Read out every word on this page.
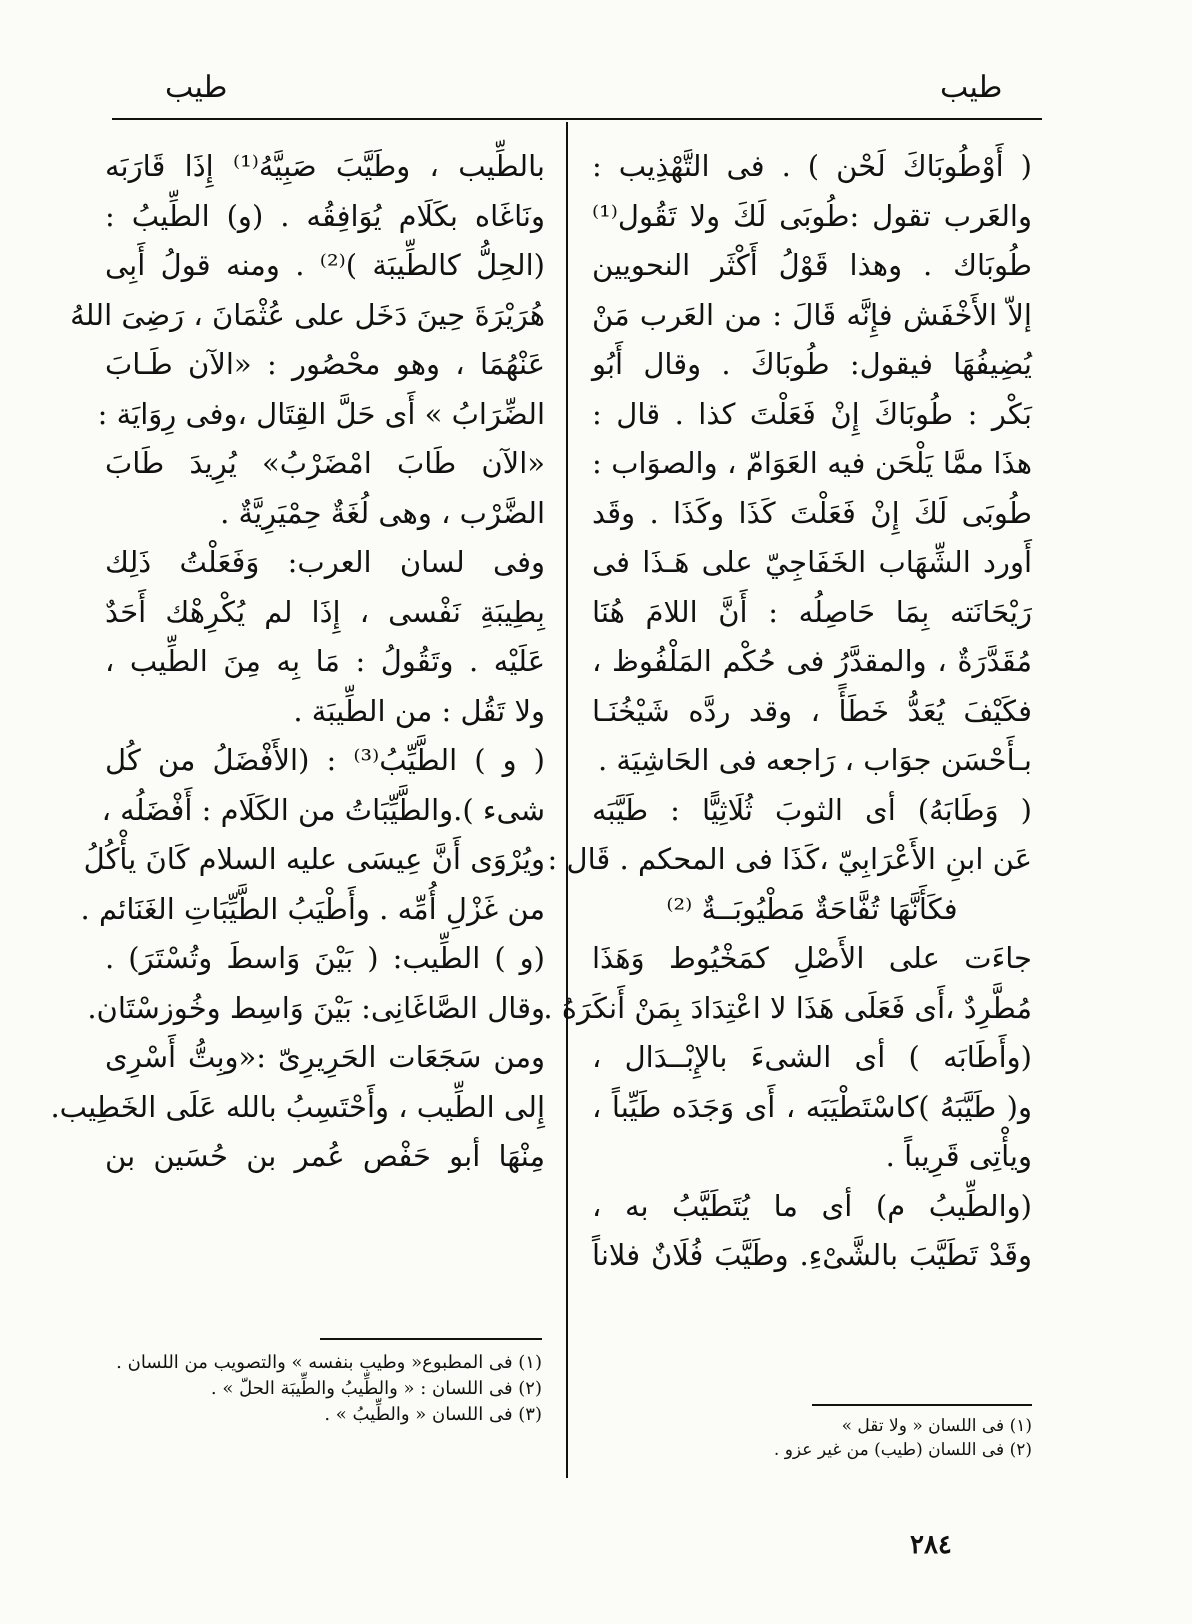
طيب
طيب
( أَوْطُوبَاكَ لَحْن ) . فى التَّهْذِيب :
والعَرب تقول :طُوبَى لَكَ ولا تَقُول⁽¹⁾
طُوبَاك . وهذا قَوْلُ أَكْثَر النحويين
إلاّ الأَخْفَش فإِنَّه قَالَ : من العَرب مَنْ
يُضِيفُهَا فيقول: طُوبَاكَ . وقال أَبُو
بَكْر : طُوبَاكَ إِنْ فَعَلْتَ كذا . قال :
هذَا ممَّا يَلْحَن فيه العَوَامّ ، والصوَاب :
طُوبَى لَكَ إِنْ فَعَلْتَ كَذَا وكَذَا . وقَد
أَورد الشِّهَاب الخَفَاجِيّ على هَـذَا فى
رَيْحَانَته بِمَا حَاصِلُه : أَنَّ اللامَ هُنَا
مُقَدَّرَةٌ ، والمقدَّرُ فى حُكْم المَلْفُوظ ،
فكَيْفَ يُعَدُّ خَطَأً ، وقد ردَّه شَيْخُنَـا
بـأَحْسَن جوَاب ، رَاجعه فى الحَاشِيَة .
( وَطَابَهُ) أى الثوبَ ثُلَاثِيًّا : طَيَّبَه
عَن ابنِ الأَعْرَابِيّ ،كَذَا فى المحكم . قَال :
فكَأَنَّهَا تُفَّاحَةٌ مَطْيُوبَــةٌ ⁽²⁾
جاءَت على الأَصْلِ كمَخْيُوط وَهَذَا
مُطَّرِدٌ ،أَى فَعَلَى هَذَا لا اعْتِدَادَ بِمَنْ أَنكَرَهُ .
(وأَطَابَه ) أى الشىءَ بالإِبْــدَال ،
و( طَيَّبَهُ )كاسْتَطْيَبَه ، أَى وَجَدَه طَيِّباً ،
ويأْتِى قَرِيباً .
(والطِّيبُ م) أى ما يُتَطَيَّبُ به ،
وقَدْ تَطَيَّبَ بالشَّىْءِ. وطَيَّبَ فُلَانٌ فلاناً
بالطِّيب ، وطَيَّبَ صَبِيَّهُ⁽¹⁾ إِذَا قَارَبَه
ونَاغَاه بكَلَام يُوَافِقُه . (و) الطِّيبُ :
(الحِلُّ كالطِّيبَة )⁽²⁾ . ومنه قولُ أَبِى
هُرَيْرَةَ حِينَ دَخَل على عُثْمَانَ ، رَضِىَ اللهُ
عَنْهُمَا ، وهو محْصُور : «الآن طَـابَ
الضِّرَابُ » أَى حَلَّ القِتَال ،وفى رِوَايَة :
«الآن طَابَ امْضَرْبُ» يُرِيدَ طَابَ
الضَّرْب ، وهى لُغَةٌ حِمْيَرِيَّةٌ .
وفى لسان العرب: وَفَعَلْتُ ذَلِك
بِطِيبَةِ نَفْسى ، إِذَا لم يُكْرِهْك أَحَدٌ
عَلَيْه . وتَقُولُ : مَا بِه مِنَ الطِّيب ،
ولا تَقُل : من الطِّيبَة .
( و ) الطَّيِّبُ⁽³⁾ : (الأَفْضَلُ من كُل
شىء ).والطَّيِّبَاتُ من الكَلَام : أَفْضَلُه ،
ويُرْوَى أَنَّ عِيسَى عليه السلام كَانَ يأْكُلُ
من غَزْلِ أُمِّه . وأَطْيَبُ الطَّيِّبَاتِ الغَنَائم .
(و ) الطِّيب: ( بَيْنَ وَاسطَ وتُسْتَرَ) .
وقال الصَّاغَانِى: بَيْنَ وَاسِط وخُوزسْتَان.
ومن سَجَعَات الحَرِيرِىّ :«وبِتُّ أَسْرِى
إِلى الطِّيب ، وأَحْتَسِبُ بالله عَلَى الخَطِيب.
مِنْهَا أبو حَفْص عُمر بن حُسَين بن
(١) فى اللسان « ولا تقل »
(٢) فى اللسان (طيب) من غير عزو .
(١) فى المطبوع« وطيب بنفسه » والتصويب من اللسان .
(٢) فى اللسان : « والطِّيبُ والطِّيبَة الحلّ » .
(٣) فى اللسان « والطِّيبُ » .
٢٨٤
